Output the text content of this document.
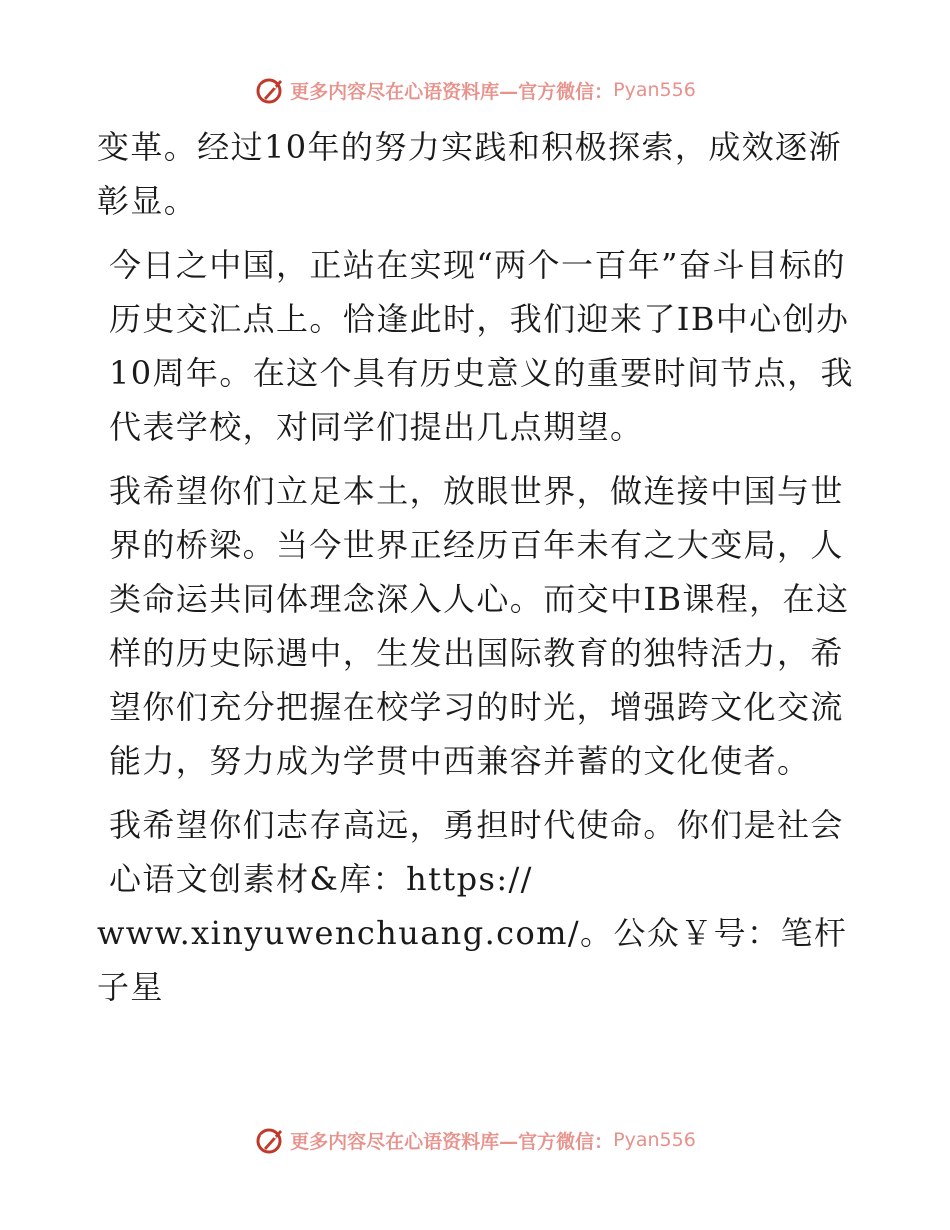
更多内容尽在心语资料库—官方微信： Pyan556

变革。经过10年的努力实践和积极探索，成效逐渐彰显。

今日之中国，正站在实现“两个一百年”奋斗目标的历史交汇点上。恰逢此时，我们迎来了IB中心创办10周年。在这个具有历史意义的重要时间节点，我代表学校，对同学们提出几点期望。

我希望你们立足本土，放眼世界，做连接中国与世界的桥梁。当今世界正经历百年未有之大变局，人类命运共同体理念深入人心。而交中IB课程，在这样的历史际遇中，生发出国际教育的独特活力，希望你们充分把握在校学习的时光，增强跨文化交流能力，努力成为学贯中西兼容并蓄的文化使者。

我希望你们志存高远，勇担时代使命。你们是社会心语文创素材&库：https://

www.xinyuwenchuang.com/。公众￥号：笔杆子星

更多内容尽在心语资料库—官方微信： Pyan556
